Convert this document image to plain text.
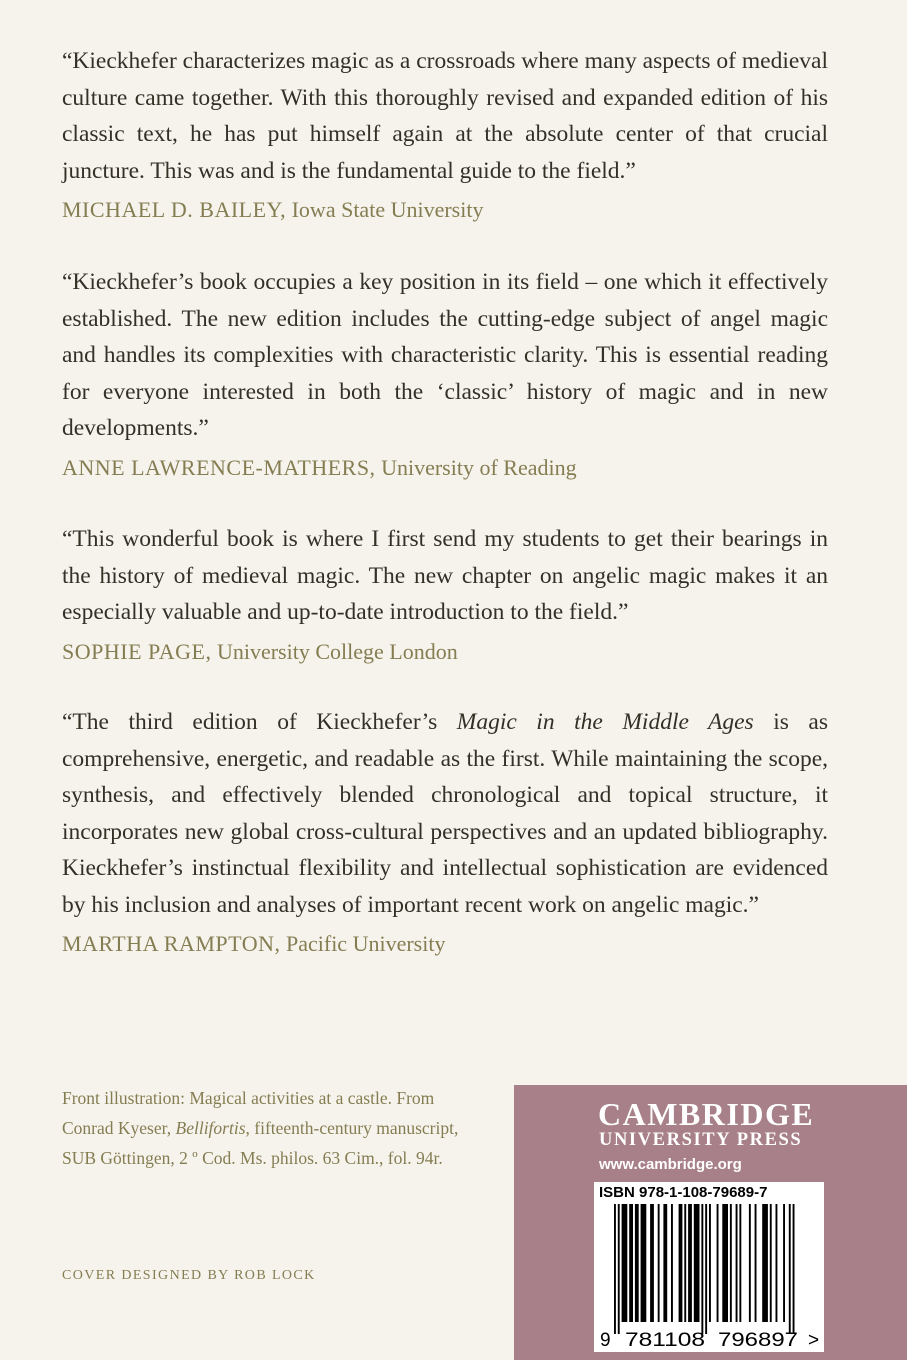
“Kieckhefer characterizes magic as a crossroads where many aspects of medieval culture came together. With this thoroughly revised and expanded edition of his classic text, he has put himself again at the absolute center of that crucial juncture. This was and is the fundamental guide to the field.”

MICHAEL D. BAILEY, Iowa State University

“Kieckhefer’s book occupies a key position in its field – one which it effectively established. The new edition includes the cutting-edge subject of angel magic and handles its complexities with characteristic clarity. This is essential reading for everyone interested in both the ‘classic’ history of magic and in new developments.”

ANNE LAWRENCE-MATHERS, University of Reading

“This wonderful book is where I first send my students to get their bearings in the history of medieval magic. The new chapter on angelic magic makes it an especially valuable and up-to-date introduction to the field.”

SOPHIE PAGE, University College London

“The third edition of Kieckhefer’s Magic in the Middle Ages is as comprehensive, energetic, and readable as the first. While maintaining the scope, synthesis, and effectively blended chronological and topical structure, it incorporates new global cross-cultural perspectives and an updated bibliography. Kieckhefer’s instinctual flexibility and intellectual sophistication are evidenced by his inclusion and analyses of important recent work on angelic magic.”

MARTHA RAMPTON, Pacific University

Front illustration: Magical activities at a castle. From Conrad Kyeser, Bellifortis, fifteenth-century manuscript, SUB Göttingen, 2 º Cod. Ms. philos. 63 Cim., fol. 94r.

COVER DESIGNED BY ROB LOCK
CAMBRIDGE
UNIVERSITY PRESS
www.cambridge.org
ISBN 978-1-108-79689-7
9 781108 796897 >
